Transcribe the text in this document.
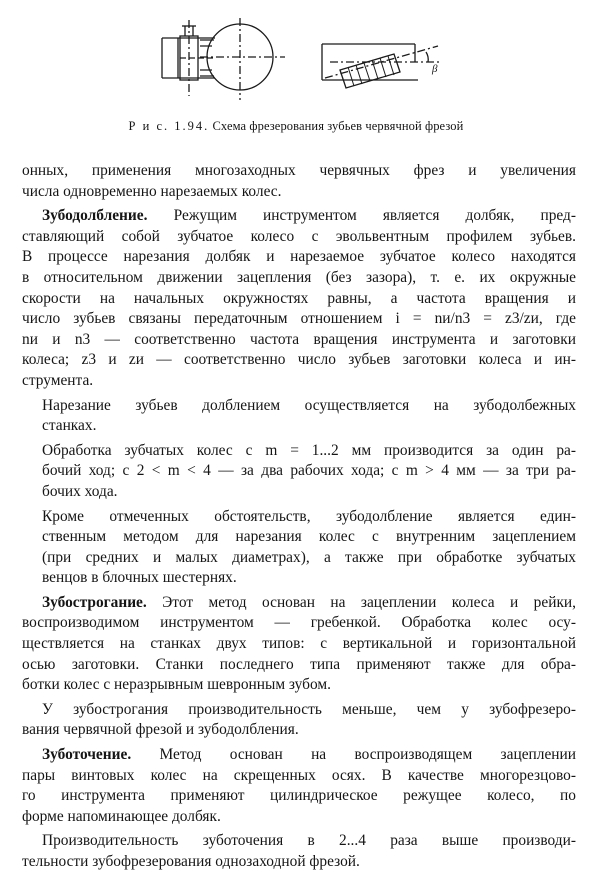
β
Р и с. 1.94. Схема фрезерования зубьев червячной фрезой
онных, применения многозаходных червячных фрез и увеличения
числа одновременно нарезаемых колес.
Зубодолбление. Режущим инструментом является долбяк, пред-
ставляющий собой зубчатое колесо с эвольвентным профилем зубьев.
В процессе нарезания долбяк и нарезаемое зубчатое колесо находятся
в относительном движении зацепления (без зазора), т. е. их окружные
скорости на начальных окружностях равны, а частота вращения и
число зубьев связаны передаточным отношением i = nи/n3 = z3/zи, где
nи и n3 — соответственно частота вращения инструмента и заготовки
колеса; z3 и zи — соответственно число зубьев заготовки колеса и ин-
струмента.
Нарезание зубьев долблением осуществляется на зубодолбежных
станках.
Обработка зубчатых колес с m = 1...2 мм производится за один ра-
бочий ход; с 2 < m < 4 — за два рабочих хода; с m > 4 мм — за три ра-
бочих хода.
Кроме отмеченных обстоятельств, зубодолбление является един-
ственным методом для нарезания колес с внутренним зацеплением
(при средних и малых диаметрах), а также при обработке зубчатых
венцов в блочных шестернях.
Зубострогание. Этот метод основан на зацеплении колеса и рейки,
воспроизводимом инструментом — гребенкой. Обработка колес осу-
ществляется на станках двух типов: с вертикальной и горизонтальной
осью заготовки. Станки последнего типа применяют также для обра-
ботки колес с неразрывным шевронным зубом.
У зубострогания производительность меньше, чем у зубофрезеро-
вания червячной фрезой и зубодолбления.
Зуботочение. Метод основан на воспроизводящем зацеплении
пары винтовых колес на скрещенных осях. В качестве многорезцово-
го инструмента применяют цилиндрическое режущее колесо, по
форме напоминающее долбяк.
Производительность зуботочения в 2...4 раза выше производи-
тельности зубофрезерования однозаходной фрезой.
